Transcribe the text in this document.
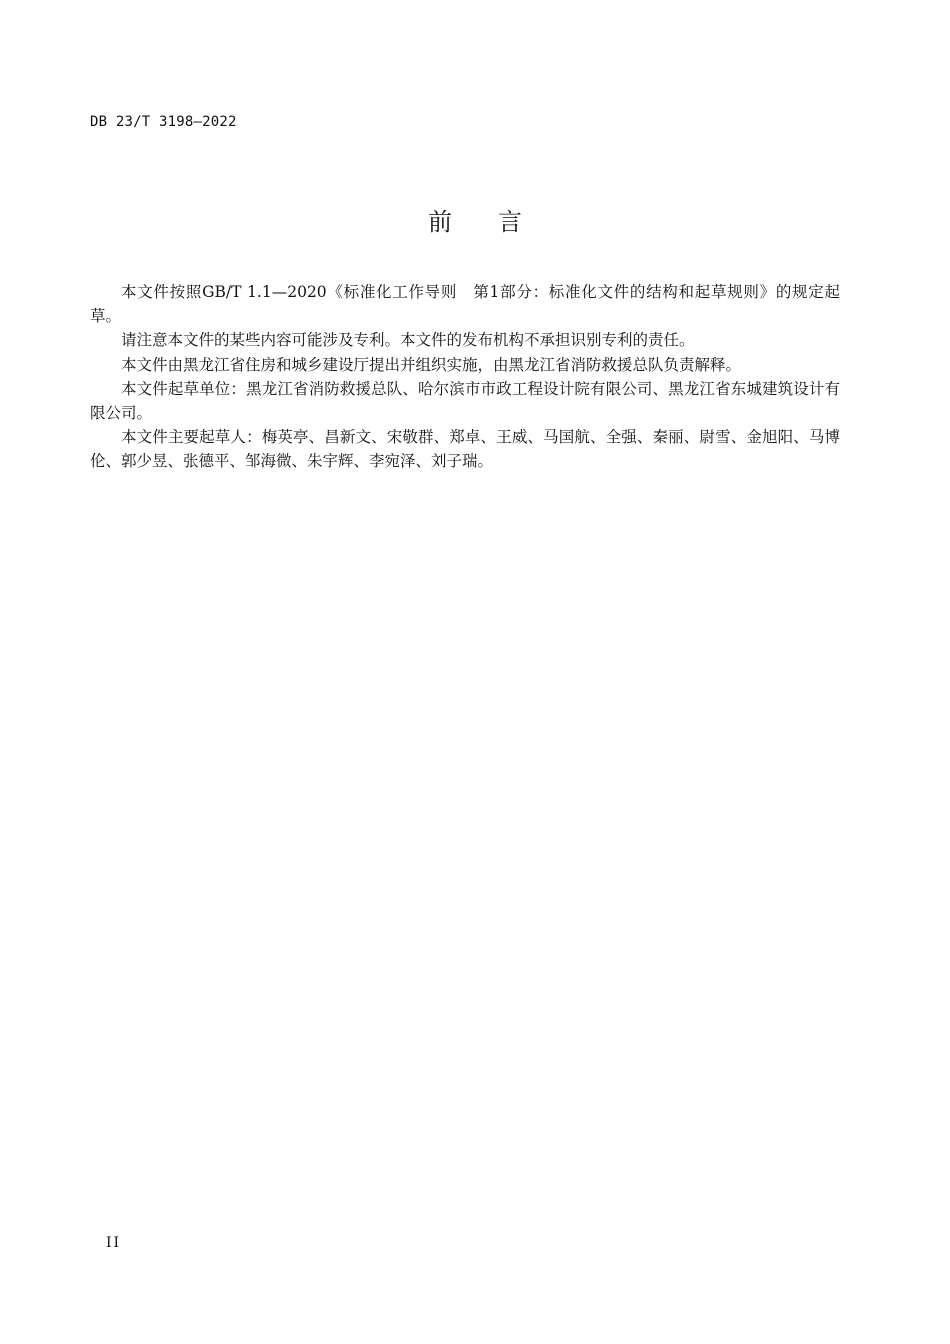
DB 23/T 3198—2022
前 言

本文件按照GB/T 1.1—2020《标准化工作导则　第1部分：标准化文件的结构和起草规则》的规定起草。

请注意本文件的某些内容可能涉及专利。本文件的发布机构不承担识别专利的责任。

本文件由黑龙江省住房和城乡建设厅提出并组织实施，由黑龙江省消防救援总队负责解释。

本文件起草单位：黑龙江省消防救援总队、哈尔滨市市政工程设计院有限公司、黑龙江省东城建筑设计有限公司。

本文件主要起草人：梅英亭、昌新文、宋敬群、郑卓、王威、马国航、全强、秦丽、尉雪、金旭阳、马博伦、郭少昱、张德平、邹海微、朱宇辉、李宛泽、刘子瑞。

II
